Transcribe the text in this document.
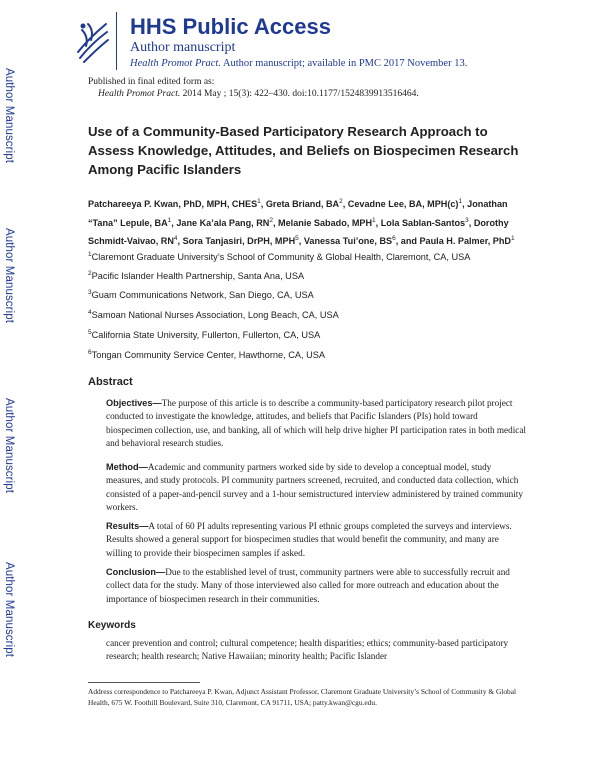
Author Manuscript
Author Manuscript
Author Manuscript
Author Manuscript
HHS Public Access
Author manuscript
Health Promot Pract. Author manuscript; available in PMC 2017 November 13.
Published in final edited form as:
Health Promot Pract. 2014 May ; 15(3): 422–430. doi:10.1177/1524839913516464.
Use of a Community-Based Participatory Research Approach to Assess Knowledge, Attitudes, and Beliefs on Biospecimen Research Among Pacific Islanders
Patchareeya P. Kwan, PhD, MPH, CHES$^1$, Greta Briand, $BA^2$, Cevadne Lee, BA, $MPH(c)^1$, Jonathan “Tana” Lepule, $BA^1$, Jane Ka’ala Pang, $RN^2$, Melanie Sabado, MPH$^1$, Lola Sablan-Santos$^3$, Dorothy Schmidt-Vaivao, $RN^4$, Sora Tanjasiri, DrPH, MPH$^5$, Vanessa Tui’one, $BS^6$, and Paula H. Palmer, PhD$^1$
$^1$Claremont Graduate University’s School of Community & Global Health, Claremont, CA, USA
$^2$Pacific Islander Health Partnership, Santa Ana, USA
$^3$Guam Communications Network, San Diego, CA, USA
$^4$Samoan National Nurses Association, Long Beach, CA, USA
$^5$California State University, Fullerton, Fullerton, CA, USA
$^6$Tongan Community Service Center, Hawthorne, CA, USA
Abstract
Objectives—The purpose of this article is to describe a community-based participatory research pilot project conducted to investigate the knowledge, attitudes, and beliefs that Pacific Islanders (PIs) hold toward biospecimen collection, use, and banking, all of which will help drive higher PI participation rates in both medical and behavioral research studies.
Method—Academic and community partners worked side by side to develop a conceptual model, study measures, and study protocols. PI community partners screened, recruited, and conducted data collection, which consisted of a paper-and-pencil survey and a 1-hour semistructured interview administered by trained community workers.
Results—A total of 60 PI adults representing various PI ethnic groups completed the surveys and interviews. Results showed a general support for biospecimen studies that would benefit the community, and many are willing to provide their biospecimen samples if asked.
Conclusion—Due to the established level of trust, community partners were able to successfully recruit and collect data for the study. Many of those interviewed also called for more outreach and education about the importance of biospecimen research in their communities.
Keywords
cancer prevention and control; cultural competence; health disparities; ethics; community-based participatory research; health research; Native Hawaiian; minority health; Pacific Islander
Address correspondence to Patchareeya P. Kwan, Adjunct Assistant Professor, Claremont Graduate University’s School of Community & Global Health, 675 W. Foothill Boulevard, Suite 310, Claremont, CA 91711, USA; patty.kwan@cgu.edu.
